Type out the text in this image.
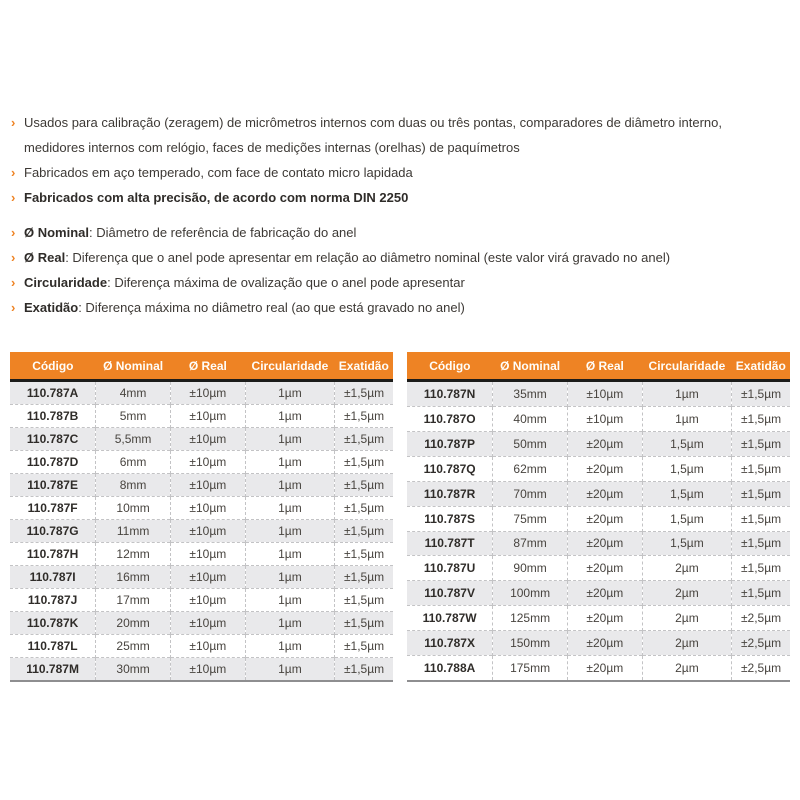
› Usados para calibração (zeragem) de micrômetros internos com duas ou três pontas, comparadores de diâmetro interno, medidores internos com relógio, faces de medições internas (orelhas) de paquímetros
› Fabricados em aço temperado, com face de contato micro lapidada
› Fabricados com alta precisão, de acordo com norma DIN 2250
› Ø Nominal: Diâmetro de referência de fabricação do anel
› Ø Real: Diferença que o anel pode apresentar em relação ao diâmetro nominal (este valor virá gravado no anel)
› Circularidade: Diferença máxima de ovalização que o anel pode apresentar
› Exatidão: Diferença máxima no diâmetro real (ao que está gravado no anel)
Código	Ø Nominal	Ø Real	Circularidade	Exatidão
110.787A	4mm	±10µm	1µm	±1,5µm
110.787B	5mm	±10µm	1µm	±1,5µm
110.787C	5,5mm	±10µm	1µm	±1,5µm
110.787D	6mm	±10µm	1µm	±1,5µm
110.787E	8mm	±10µm	1µm	±1,5µm
110.787F	10mm	±10µm	1µm	±1,5µm
110.787G	11mm	±10µm	1µm	±1,5µm
110.787H	12mm	±10µm	1µm	±1,5µm
110.787I	16mm	±10µm	1µm	±1,5µm
110.787J	17mm	±10µm	1µm	±1,5µm
110.787K	20mm	±10µm	1µm	±1,5µm
110.787L	25mm	±10µm	1µm	±1,5µm
110.787M	30mm	±10µm	1µm	±1,5µm
Código	Ø Nominal	Ø Real	Circularidade	Exatidão
110.787N	35mm	±10µm	1µm	±1,5µm
110.787O	40mm	±10µm	1µm	±1,5µm
110.787P	50mm	±20µm	1,5µm	±1,5µm
110.787Q	62mm	±20µm	1,5µm	±1,5µm
110.787R	70mm	±20µm	1,5µm	±1,5µm
110.787S	75mm	±20µm	1,5µm	±1,5µm
110.787T	87mm	±20µm	1,5µm	±1,5µm
110.787U	90mm	±20µm	2µm	±1,5µm
110.787V	100mm	±20µm	2µm	±1,5µm
110.787W	125mm	±20µm	2µm	±2,5µm
110.787X	150mm	±20µm	2µm	±2,5µm
110.788A	175mm	±20µm	2µm	±2,5µm
